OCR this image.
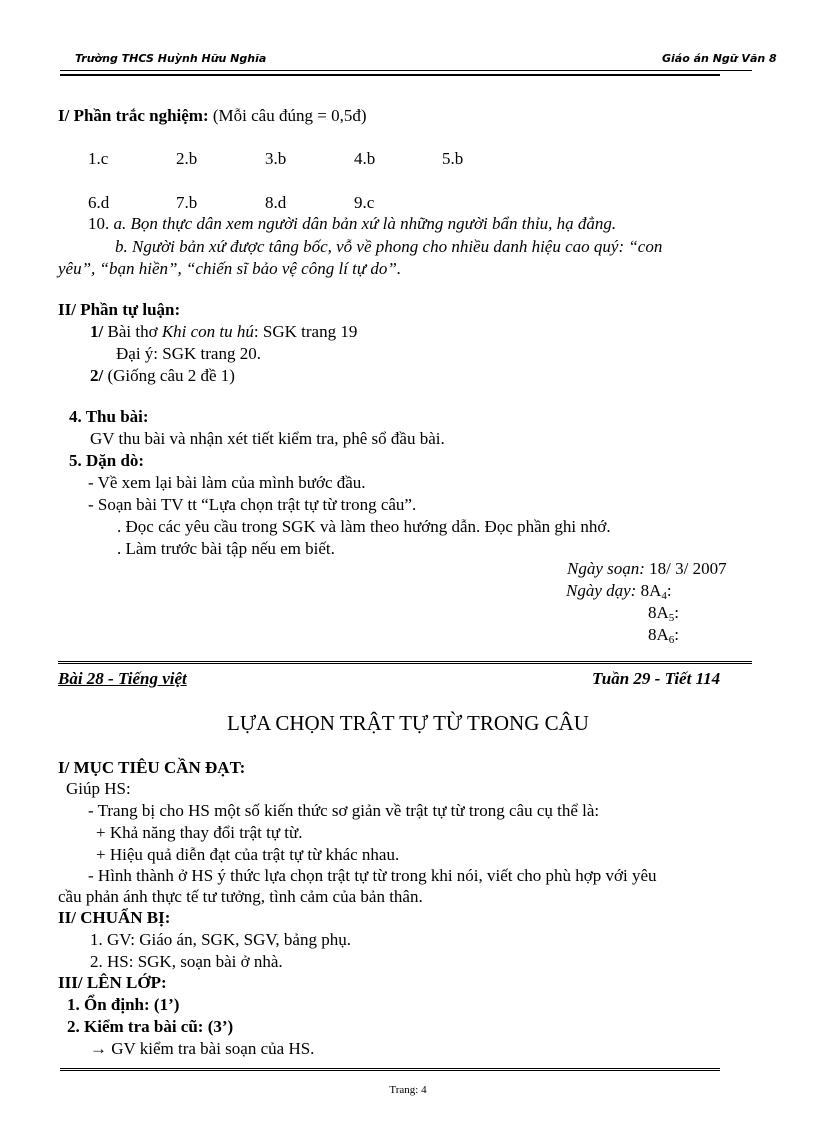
Trường THCS Huỳnh Hữu Nghĩa	Giáo án Ngữ Văn 8
I/ Phần trắc nghiệm: (Mỗi câu đúng = 0,5đ)
1.c	2.b	3.b	4.b	5.b
6.d	7.b	8.d	9.c
10. a. Bọn thực dân xem người dân bản xứ là những người bẩn thỉu, hạ đẳng.
b. Người bản xứ được tâng bốc, vỗ về phong cho nhiều danh hiệu cao quý: “con
yêu”, “bạn hiền”, “chiến sĩ bảo vệ công lí tự do”.
II/ Phần tự luận:
1/ Bài thơ Khi con tu hú: SGK trang 19
Đại ý: SGK trang 20.
2/ (Giống câu 2 đề 1)
4. Thu bài:
GV thu bài và nhận xét tiết kiểm tra, phê sổ đầu bài.
5. Dặn dò:
- Về xem lại bài làm của mình bước đầu.
- Soạn bài TV tt “Lựa chọn trật tự từ trong câu”.
. Đọc các yêu cầu trong SGK và làm theo hướng dẫn. Đọc phần ghi nhớ.
. Làm trước bài tập nếu em biết.
Ngày soạn: 18/ 3/ 2007
Ngày dạy: $8A_4$:
$8A_5$:
$8A_6$:
Bài 28 - Tiếng việt	Tuần 29 - Tiết 114
LỰA CHỌN TRẬT TỰ TỪ TRONG CÂU
I/ MỤC TIÊU CẦN ĐẠT:
Giúp HS:
- Trang bị cho HS một số kiến thức sơ giản về trật tự từ trong câu cụ thể là:
+ Khả năng thay đổi trật tự từ.
+ Hiệu quả diễn đạt của trật tự từ khác nhau.
- Hình thành ở HS ý thức lựa chọn trật tự từ trong khi nói, viết cho phù hợp với yêu
cầu phản ánh thực tế tư tưởng, tình cảm của bản thân.
II/ CHUẨN BỊ:
1. GV: Giáo án, SGK, SGV, bảng phụ.
2. HS: SGK, soạn bài ở nhà.
III/ LÊN LỚP:
1. Ổn định: (1’)
2. Kiểm tra bài cũ: (3’)
→ GV kiểm tra bài soạn của HS.
Trang: 4
